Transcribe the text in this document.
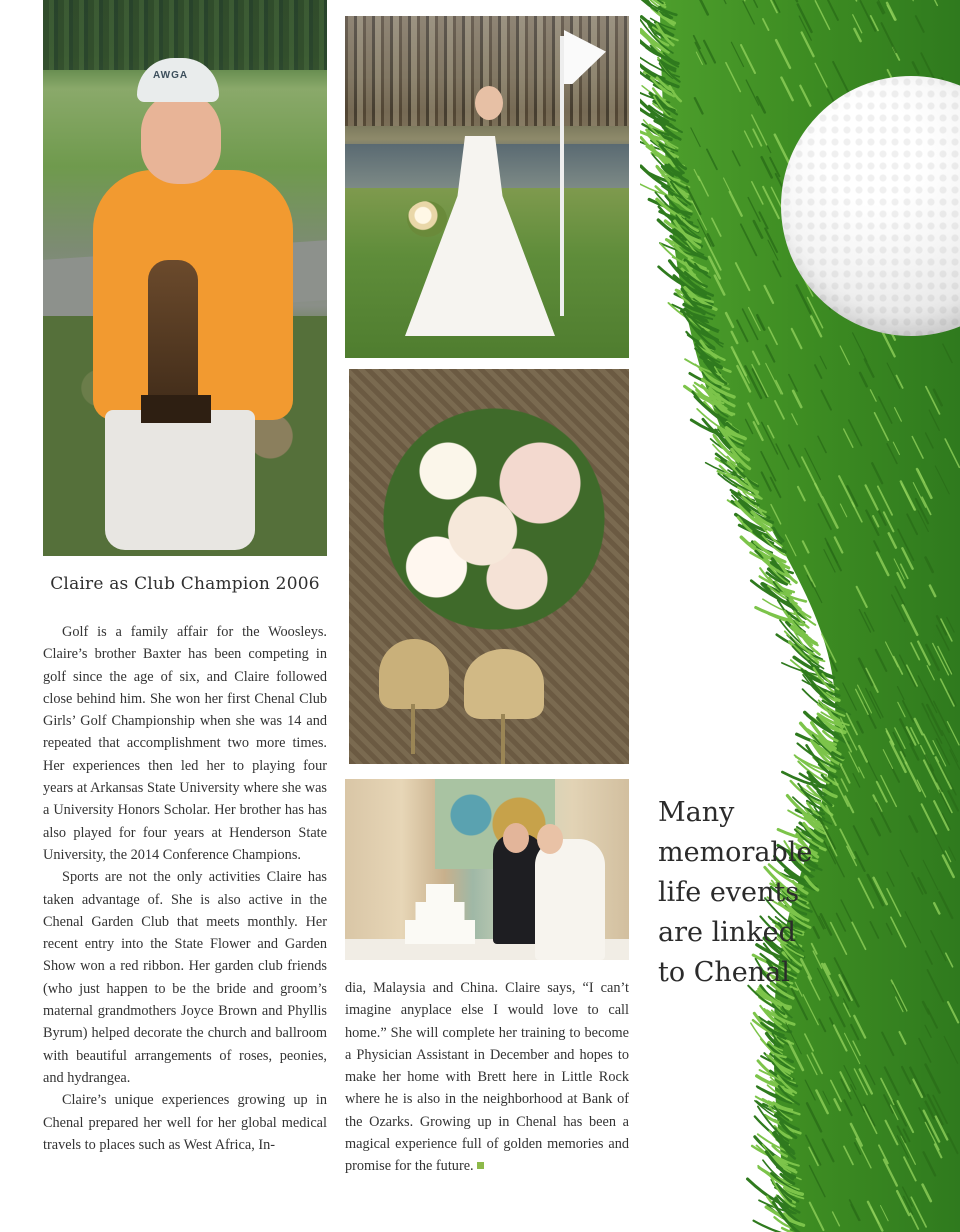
AWGA
Claire as Club Champion 2006

Golf is a family affair for the Woosleys. Claire’s brother Baxter has been competing in golf since the age of six, and Claire followed close behind him. She won her first Chenal Club Girls’ Golf Championship when she was 14 and repeated that accomplishment two more times. Her experiences then led her to playing four years at Arkansas State University where she was a University Honors Scholar. Her brother has has also played for four years at Henderson State University, the 2014 Conference Champions.

Sports are not the only activities Claire has taken advantage of. She is also active in the Chenal Garden Club that meets monthly. Her recent entry into the State Flower and Garden Show won a red ribbon. Her garden club friends (who just happen to be the bride and groom’s maternal grandmothers Joyce Brown and Phyllis Byrum) helped decorate the church and ballroom with beautiful arrangements of roses, peonies, and hydrangea.

Claire’s unique experiences growing up in Chenal prepared her well for her global medical travels to places such as West Africa, In-

dia, Malaysia and China. Claire says, “I can’t imagine anyplace else I would love to call home.” She will complete her training to become a Physician Assistant in December and hopes to make her home with Brett here in Little Rock where he is also in the neighborhood at Bank of the Ozarks. Growing up in Chenal has been a magical experience full of golden memories and promise for the future.

Many
memorable
life events
are linked
to Chenal
